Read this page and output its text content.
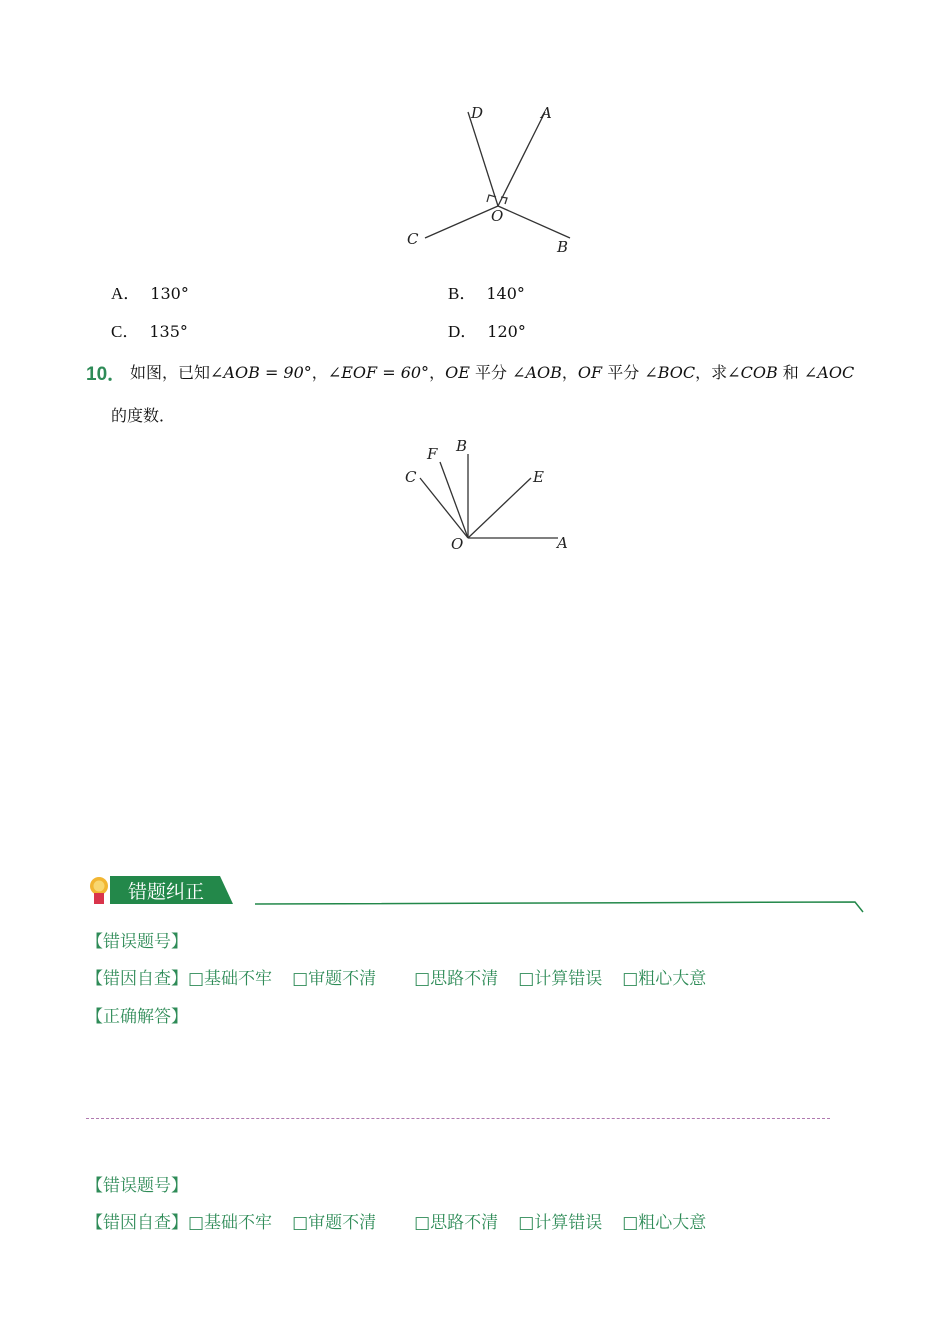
D	A
C
O
B
A． 130°	B． 140°
C． 135°	D． 120°
10． 如图，已知∠AOB = 90°，∠EOF = 60°，OE 平分 ∠AOB，OF 平分 ∠BOC，求∠COB 和 ∠AOC
的度数．
C
F B
E
O	A
错题纠正
【错误题号】
【错因自查】□基础不牢 □审题不清 □思路不清 □计算错误 □粗心大意
【正确解答】
【错误题号】
【错因自查】□基础不牢 □审题不清 □思路不清 □计算错误 □粗心大意
